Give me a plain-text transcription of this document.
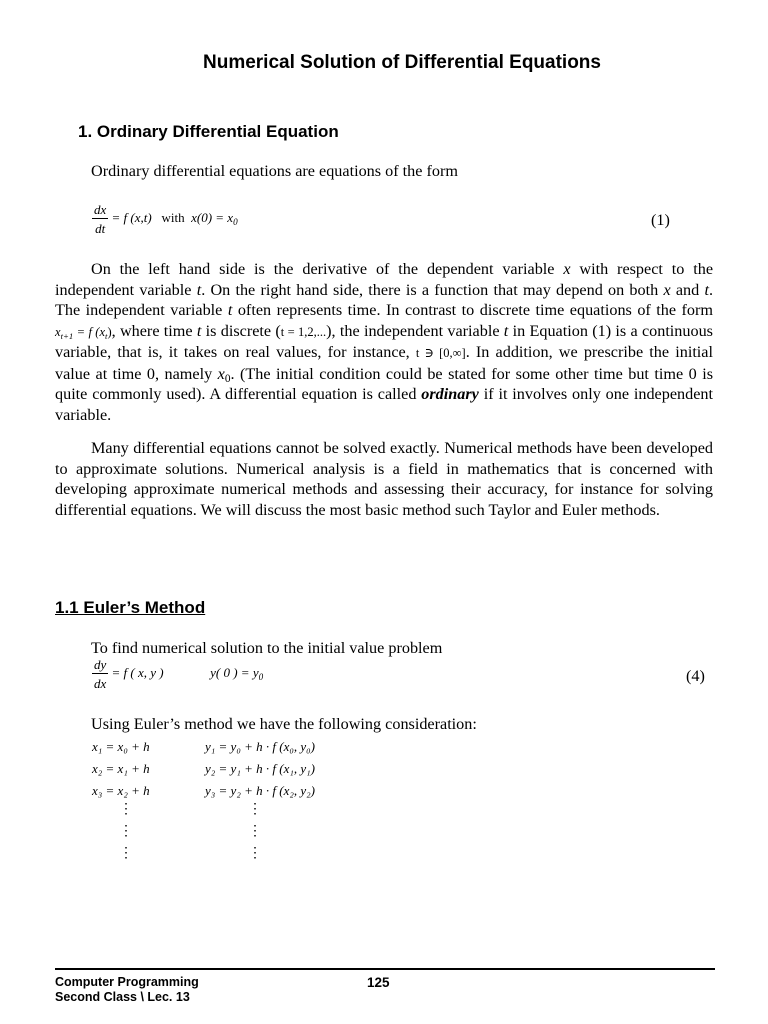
Numerical Solution of Differential Equations
1. Ordinary Differential Equation
Ordinary differential equations are equations of the form
$\frac{dx}{dt} = f$ (x,t) with $x(0) = x_0$	(1)
On the left hand side is the derivative of the dependent variable x with respect to the independent variable t. On the right hand side, there is a function that may depend on both x and t. The independent variable t often represents time. In contrast to discrete time equations of the form $x_{t+1} = f$ $(x_t)$, where time t is discrete (t = 1,2,...), the independent variable t in Equation (1) is a continuous variable, that is, it takes on real values, for instance, t ∋ [0,∞]. In addition, we prescribe the initial value at time 0, namely $x_0$. (The initial condition could be stated for some other time but time 0 is quite commonly used). A differential equation is called ordinary if it involves only one independent variable.
Many differential equations cannot be solved exactly. Numerical methods have been developed to approximate solutions. Numerical analysis is a field in mathematics that is concerned with developing approximate numerical methods and assessing their accuracy, for instance for solving differential equations. We will discuss the most basic method such Taylor and Euler methods.
1.1 Euler’s Method
To find numerical solution to the initial value problem
$\frac{dy}{dx} = f$ ( x, y )	y( 0 ) = $y_0$	(4)
Using Euler’s method we have the following consideration:
x₁ = x₀ + h	y₁ = y₀ + h · f (x₀, y₀)
x₂ = x₁ + h	y₂ = y₁ + h · f (x₁, y₁)
x₃ = x₂ + h	y₃ = y₂ + h · f (x₂, y₂)
⋮
⋮
⋮
⋮
⋮
⋮
Computer Programming
Second Class \ Lec. 13
125
